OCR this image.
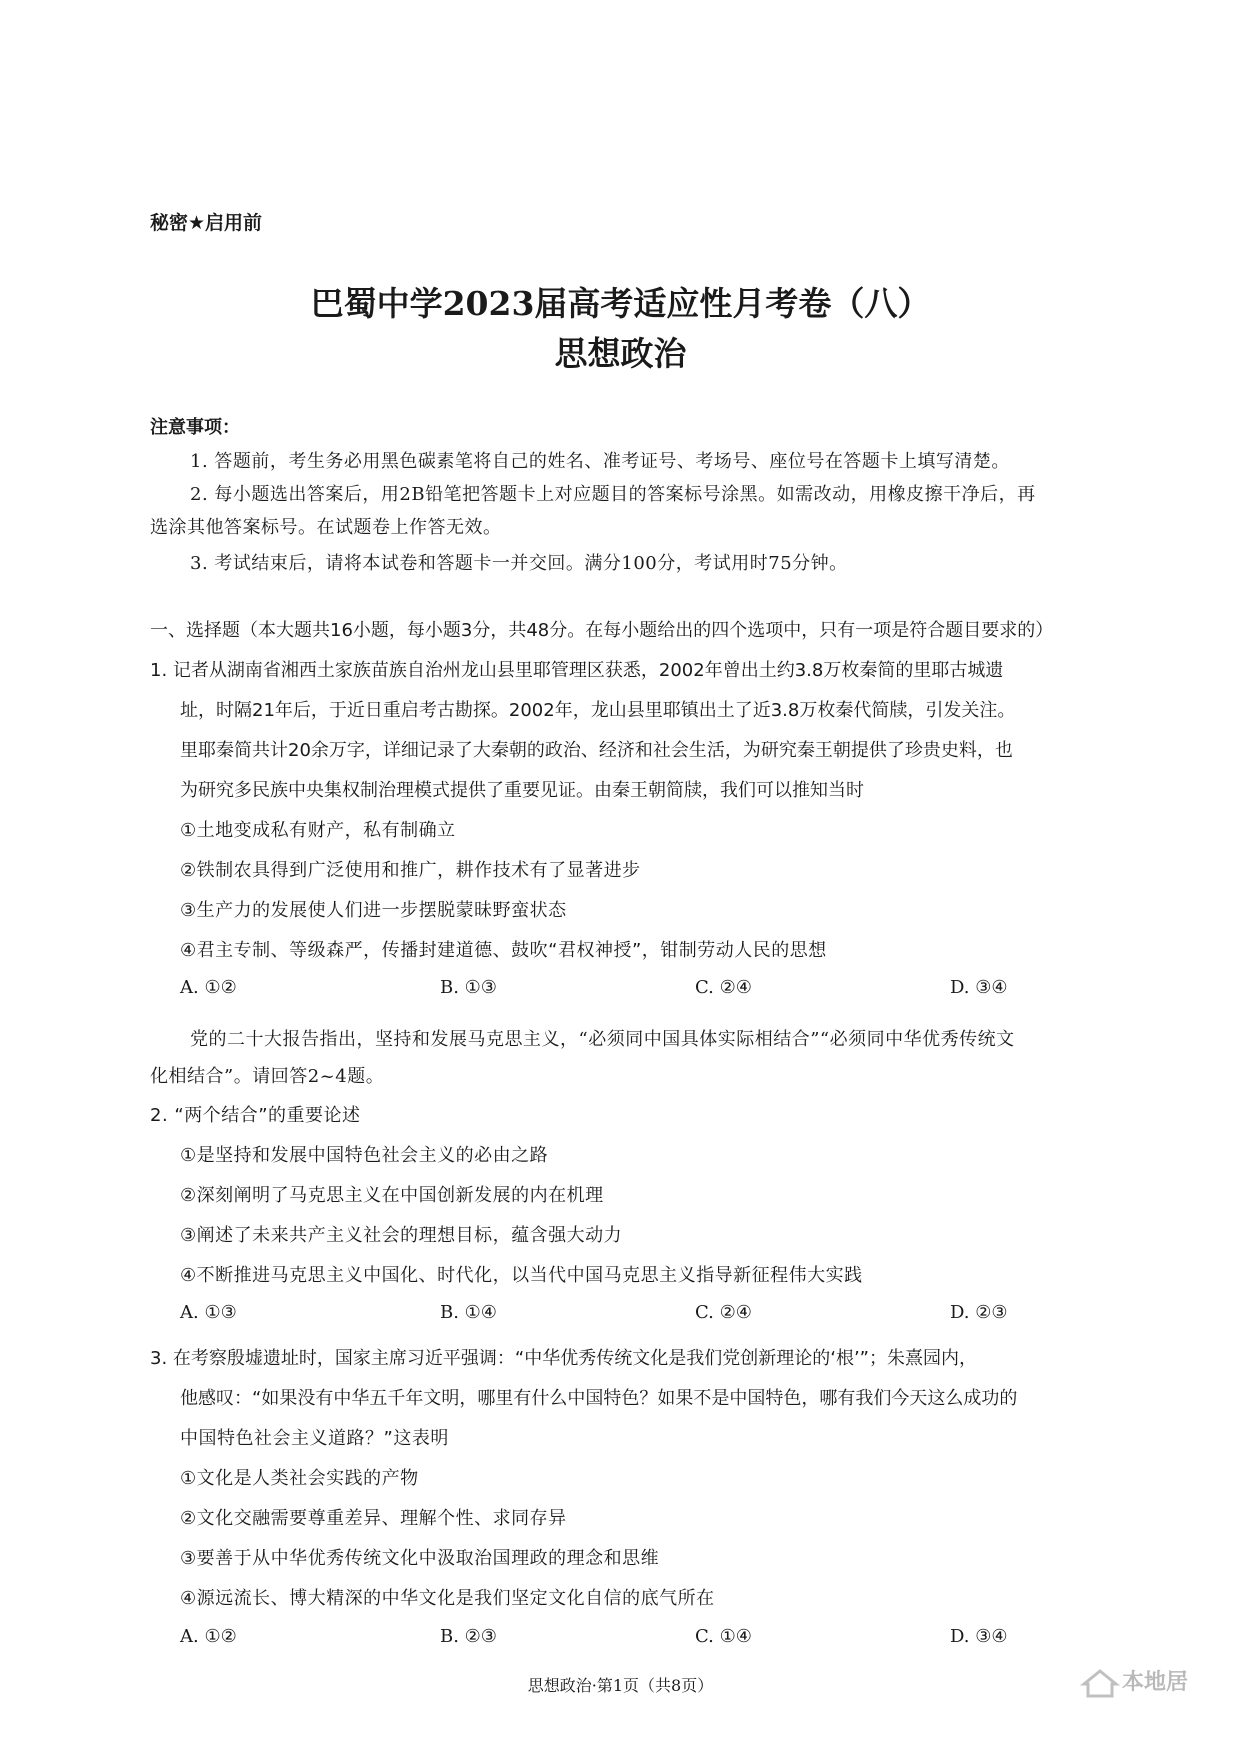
秘密★启用前
巴蜀中学2023届高考适应性月考卷（八）
思想政治
注意事项：
1. 答题前，考生务必用黑色碳素笔将自己的姓名、准考证号、考场号、座位号在答题卡上填写清楚。
2. 每小题选出答案后，用2B铅笔把答题卡上对应题目的答案标号涂黑。如需改动，用橡皮擦干净后，再
选涂其他答案标号。在试题卷上作答无效。
3. 考试结束后，请将本试卷和答题卡一并交回。满分100分，考试用时75分钟。
一、选择题（本大题共16小题，每小题3分，共48分。在每小题给出的四个选项中，只有一项是符合题目要求的）
1. 记者从湖南省湘西土家族苗族自治州龙山县里耶管理区获悉，2002年曾出土约3.8万枚秦简的里耶古城遗
址，时隔21年后，于近日重启考古勘探。2002年，龙山县里耶镇出土了近3.8万枚秦代简牍，引发关注。
里耶秦简共计20余万字，详细记录了大秦朝的政治、经济和社会生活，为研究秦王朝提供了珍贵史料，也
为研究多民族中央集权制治理模式提供了重要见证。由秦王朝简牍，我们可以推知当时
①土地变成私有财产，私有制确立
②铁制农具得到广泛使用和推广，耕作技术有了显著进步
③生产力的发展使人们进一步摆脱蒙昧野蛮状态
④君主专制、等级森严，传播封建道德、鼓吹“君权神授”，钳制劳动人民的思想
A. ①②	B. ①③	C. ②④	D. ③④
党的二十大报告指出，坚持和发展马克思主义，“必须同中国具体实际相结合”“必须同中华优秀传统文
化相结合”。请回答2~4题。
2. “两个结合”的重要论述
①是坚持和发展中国特色社会主义的必由之路
②深刻阐明了马克思主义在中国创新发展的内在机理
③阐述了未来共产主义社会的理想目标，蕴含强大动力
④不断推进马克思主义中国化、时代化，以当代中国马克思主义指导新征程伟大实践
A. ①③	B. ①④	C. ②④	D. ②③
3. 在考察殷墟遗址时，国家主席习近平强调：“中华优秀传统文化是我们党创新理论的‘根’”；朱熹园内，
他感叹：“如果没有中华五千年文明，哪里有什么中国特色？如果不是中国特色，哪有我们今天这么成功的
中国特色社会主义道路？”这表明
①文化是人类社会实践的产物
②文化交融需要尊重差异、理解个性、求同存异
③要善于从中华优秀传统文化中汲取治国理政的理念和思维
④源远流长、博大精深的中华文化是我们坚定文化自信的底气所在
A. ①②	B. ②③	C. ①④	D. ③④
思想政治·第1页（共8页）	本地居
